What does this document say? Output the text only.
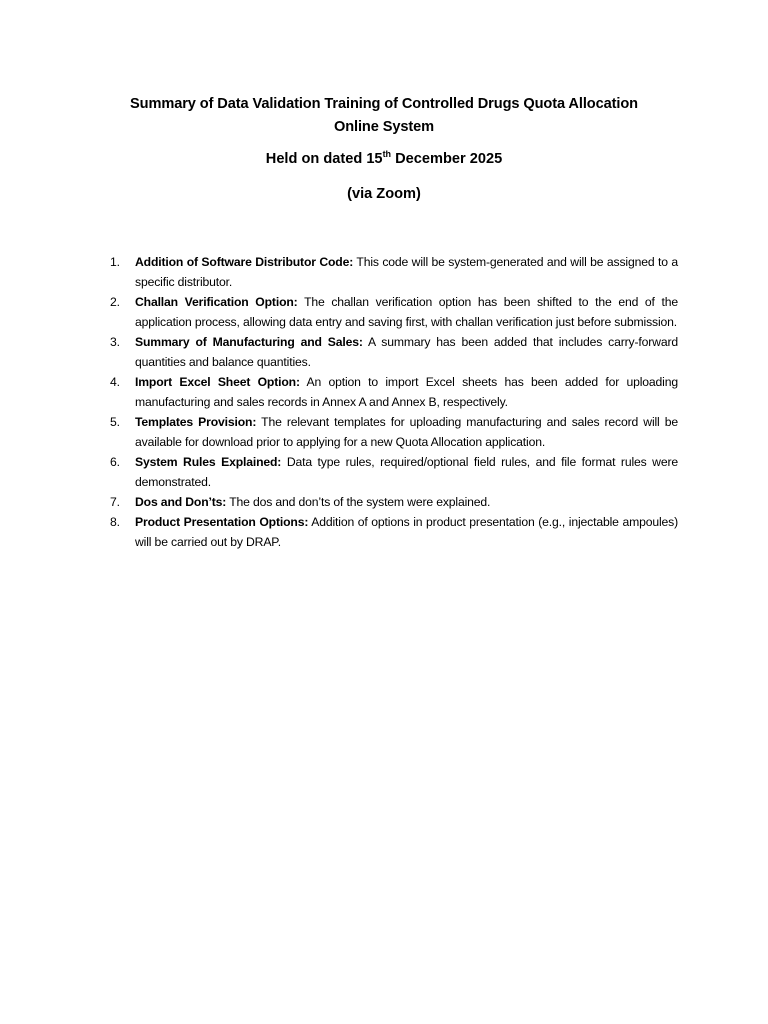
Summary of Data Validation Training of Controlled Drugs Quota Allocation
Online System
Held on dated 15th December 2025
(via Zoom)
1.	Addition of Software Distributor Code: This code will be system-generated and will be assigned to a specific distributor.
2.	Challan Verification Option: The challan verification option has been shifted to the end of the application process, allowing data entry and saving first, with challan verification just before submission.
3.	Summary of Manufacturing and Sales: A summary has been added that includes carry-forward quantities and balance quantities.
4.	Import Excel Sheet Option: An option to import Excel sheets has been added for uploading manufacturing and sales records in Annex A and Annex B, respectively.
5.	Templates Provision: The relevant templates for uploading manufacturing and sales record will be available for download prior to applying for a new Quota Allocation application.
6.	System Rules Explained: Data type rules, required/optional field rules, and file format rules were demonstrated.
7.	Dos and Don’ts: The dos and don’ts of the system were explained.
8.	Product Presentation Options: Addition of options in product presentation (e.g., injectable ampoules) will be carried out by DRAP.
